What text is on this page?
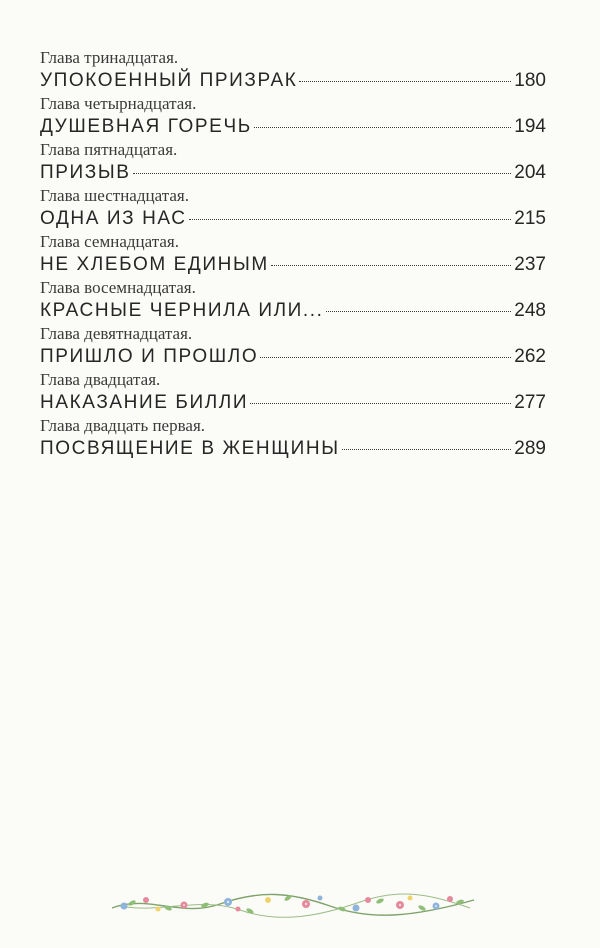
Глава тринадцатая.
УПОКОЕННЫЙ ПРИЗРАК	180
Глава четырнадцатая.
ДУШЕВНАЯ ГОРЕЧЬ	194
Глава пятнадцатая.
ПРИЗЫВ	204
Глава шестнадцатая.
ОДНА ИЗ НАС	215
Глава семнадцатая.
НЕ ХЛЕБОМ ЕДИНЫМ	237
Глава восемнадцатая.
КРАСНЫЕ ЧЕРНИЛА ИЛИ...	248
Глава девятнадцатая.
ПРИШЛО И ПРОШЛО	262
Глава двадцатая.
НАКАЗАНИЕ БИЛЛИ	277
Глава двадцать первая.
ПОСВЯЩЕНИЕ В ЖЕНЩИНЫ	289
